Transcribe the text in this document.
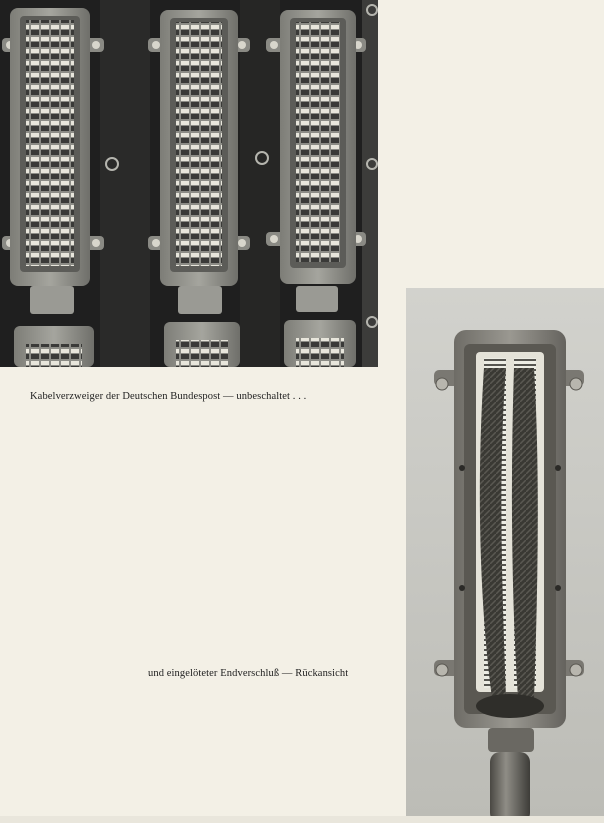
Kabelverzweiger der Deutschen Bundespost — unbeschaltet . . .
und eingelöteter Endverschluß — Rückansicht
